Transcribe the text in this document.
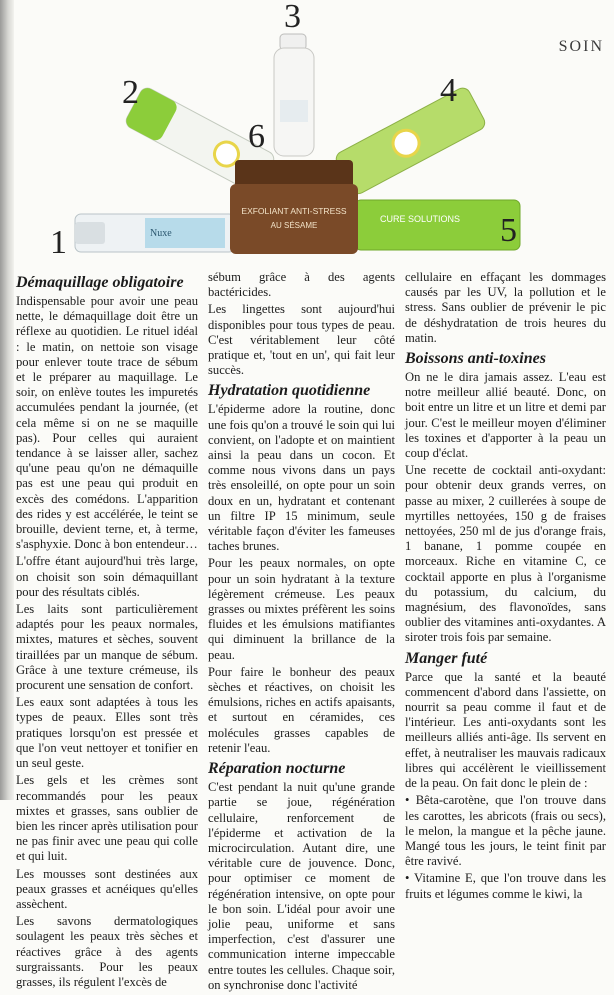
SOIN
Nuxe
CURE SOLUTIONS
EXFOLIANT ANTI-STRESS
AU SÉSAME
1
2
3
4
5
6
Démaquillage obligatoire

Indispensable pour avoir une peau nette, le démaquillage doit être un réflexe au quotidien. Le rituel idéal : le matin, on nettoie son visage pour enlever toute trace de sébum et le préparer au maquillage. Le soir, on enlève toutes les impuretés accumulées pendant la journée, (et cela même si on ne se maquille pas). Pour celles qui auraient tendance à se laisser aller, sachez qu'une peau qu'on ne démaquille pas est une peau qui produit en excès des comédons. L'apparition des rides y est accélérée, le teint se brouille, devient terne, et, à terme, s'asphyxie. Donc à bon entendeur…

L'offre étant aujourd'hui très large, on choisit son soin démaquillant pour des résultats ciblés.

Les laits sont particulièrement adaptés pour les peaux normales, mixtes, matures et sèches, souvent tiraillées par un manque de sébum. Grâce à une texture crémeuse, ils procurent une sensation de confort.

Les eaux sont adaptées à tous les types de peaux. Elles sont très pratiques lorsqu'on est pressée et que l'on veut nettoyer et tonifier en un seul geste.

Les gels et les crèmes sont recommandés pour les peaux mixtes et grasses, sans oublier de bien les rincer après utilisation pour ne pas finir avec une peau qui colle et qui luit.

Les mousses sont destinées aux peaux grasses et acnéiques qu'elles assèchent.

Les savons dermatologiques soulagent les peaux très sèches et réactives grâce à des agents surgraissants. Pour les peaux grasses, ils régulent l'excès de

sébum grâce à des agents bactéricides.

Les lingettes sont aujourd'hui disponibles pour tous types de peau. C'est véritablement leur côté pratique et, 'tout en un', qui fait leur succès.

Hydratation quotidienne

L'épiderme adore la routine, donc une fois qu'on a trouvé le soin qui lui convient, on l'adopte et on maintient ainsi la peau dans un cocon. Et comme nous vivons dans un pays très ensoleillé, on opte pour un soin doux en un, hydratant et contenant un filtre IP 15 minimum, seule véritable façon d'éviter les fameuses taches brunes.

Pour les peaux normales, on opte pour un soin hydratant à la texture légèrement crémeuse. Les peaux grasses ou mixtes préfèrent les soins fluides et les émulsions matifiantes qui diminuent la brillance de la peau.

Pour faire le bonheur des peaux sèches et réactives, on choisit les émulsions, riches en actifs apaisants, et surtout en céramides, ces molécules grasses capables de retenir l'eau.

Réparation nocturne

C'est pendant la nuit qu'une grande partie se joue, régénération cellulaire, renforcement de l'épiderme et activation de la microcirculation. Autant dire, une véritable cure de jouvence. Donc, pour optimiser ce moment de régénération intensive, on opte pour le bon soin. L'idéal pour avoir une jolie peau, uniforme et sans imperfection, c'est d'assurer une communication interne impeccable entre toutes les cellules. Chaque soir, on synchronise donc l'activité

cellulaire en effaçant les dommages causés par les UV, la pollution et le stress. Sans oublier de prévenir le pic de déshydratation de trois heures du matin.

Boissons anti-toxines

On ne le dira jamais assez. L'eau est notre meilleur allié beauté. Donc, on boit entre un litre et un litre et demi par jour. C'est le meilleur moyen d'éliminer les toxines et d'apporter à la peau un coup d'éclat.

Une recette de cocktail anti-oxydant: pour obtenir deux grands verres, on passe au mixer, 2 cuillerées à soupe de myrtilles nettoyées, 150 g de fraises nettoyées, 250 ml de jus d'orange frais, 1 banane, 1 pomme coupée en morceaux. Riche en vitamine C, ce cocktail apporte en plus à l'organisme du potassium, du calcium, du magnésium, des flavonoïdes, sans oublier des vitamines anti-oxydantes. A siroter trois fois par semaine.

Manger futé

Parce que la santé et la beauté commencent d'abord dans l'assiette, on nourrit sa peau comme il faut et de l'intérieur. Les anti-oxydants sont les meilleurs alliés anti-âge. Ils servent en effet, à neutraliser les mauvais radicaux libres qui accélèrent le vieillissement de la peau. On fait donc le plein de :

• Bêta-carotène, que l'on trouve dans les carottes, les abricots (frais ou secs), le melon, la mangue et la pêche jaune. Mangé tous les jours, le teint finit par être ravivé.

• Vitamine E, que l'on trouve dans les fruits et légumes comme le kiwi, la
